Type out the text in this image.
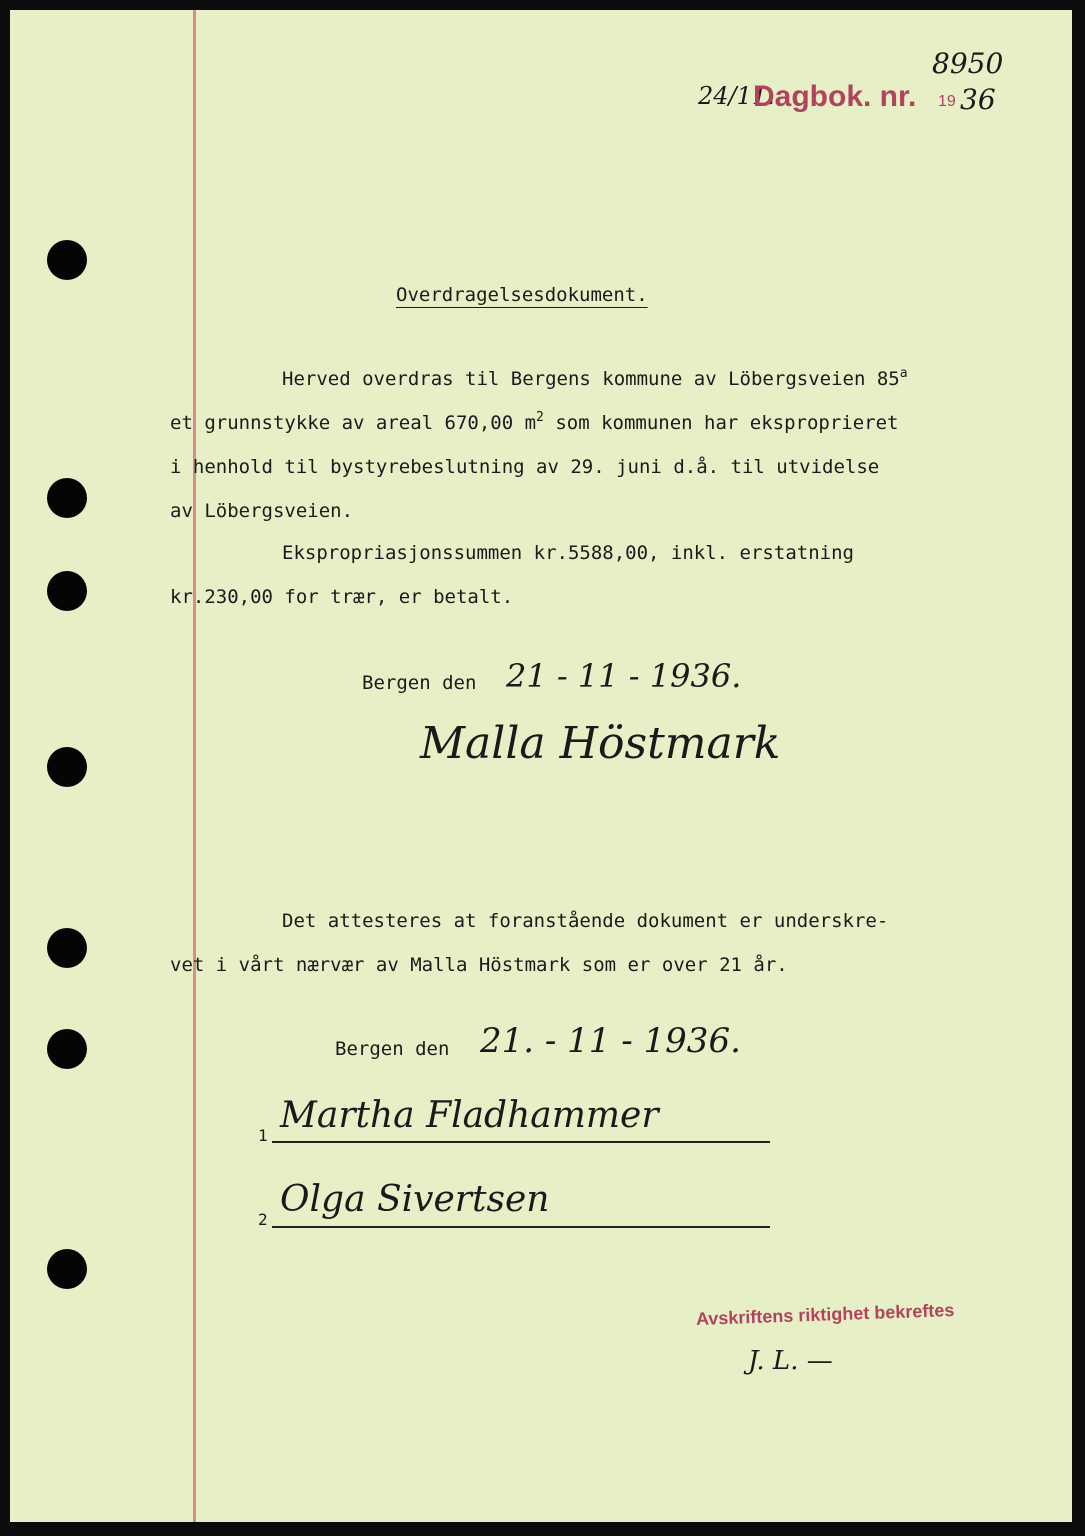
24/11.
Dagbok. nr.
8950
19 36
Overdragelsesdokument.
Herved overdras til Bergens kommune av Löbergsveien 85$^a$
et grunnstykke av areal 670,00 $m^2$ som kommunen har eksproprieret
i henhold til bystyrebeslutning av 29. juni d.å. til utvidelse
av Löbergsveien.
Ekspropriasjonssummen kr.5588,00, inkl. erstatning
kr.230,00 for trær, er betalt.
Bergen den 21 - 11 - 1936.
Malla Höstmark
Det attesteres at foranstående dokument er underskre-
vet i vårt nærvær av Malla Höstmark som er over 21 år.
Bergen den 21. - 11 - 1936.
1 Martha Fladhammer
2 Olga Sivertsen
Avskriftens riktighet bekreftes
J. L. —
